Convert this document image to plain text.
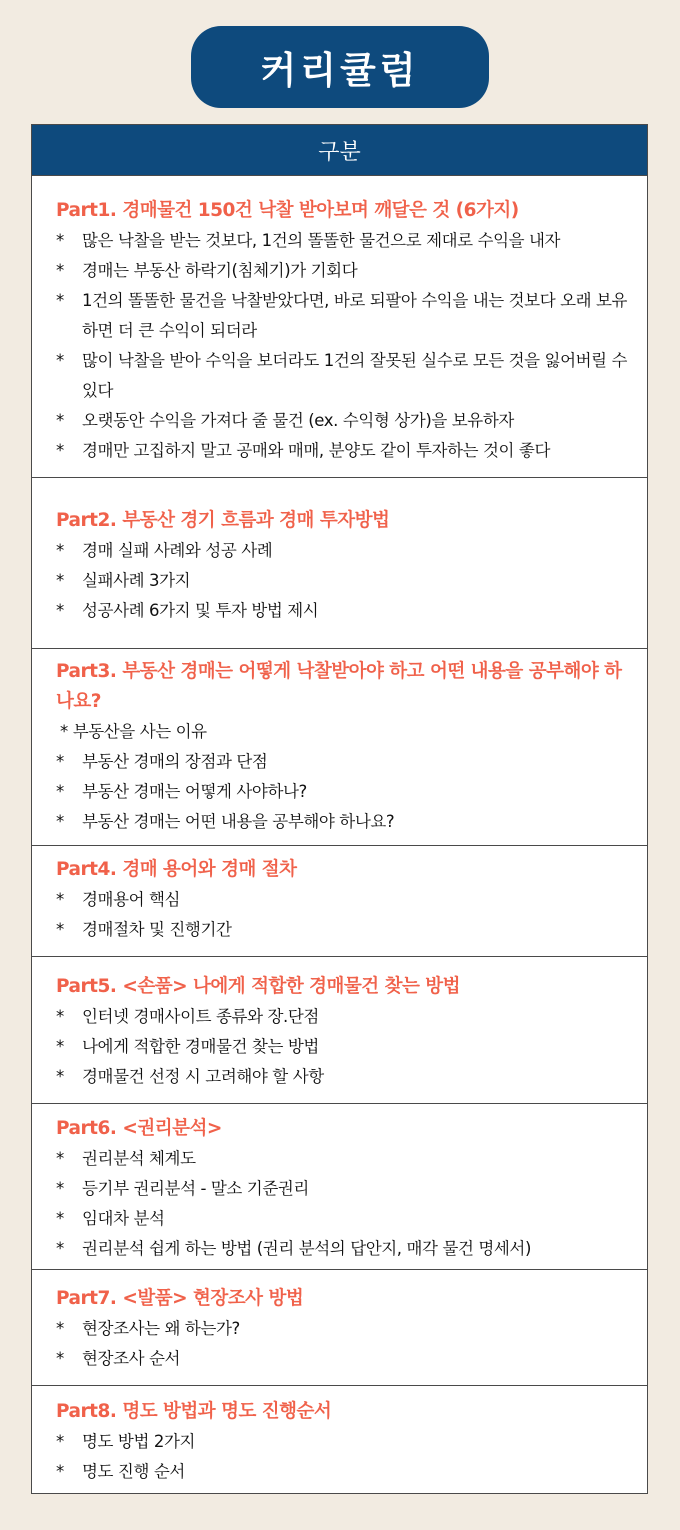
커리큘럼
구분
Part1. 경매물건 150건 낙찰 받아보며 깨달은 것 (6가지)
* 많은 낙찰을 받는 것보다, 1건의 똘똘한 물건으로 제대로 수익을 내자
* 경매는 부동산 하락기(침체기)가 기회다
* 1건의 똘똘한 물건을 낙찰받았다면, 바로 되팔아 수익을 내는 것보다 오래 보유하면 더 큰 수익이 되더라
* 많이 낙찰을 받아 수익을 보더라도 1건의 잘못된 실수로 모든 것을 잃어버릴 수 있다
* 오랫동안 수익을 가져다 줄 물건 (ex. 수익형 상가)을 보유하자
* 경매만 고집하지 말고 공매와 매매, 분양도 같이 투자하는 것이 좋다
Part2. 부동산 경기 흐름과 경매 투자방법
* 경매 실패 사례와 성공 사례
* 실패사례 3가지
* 성공사례 6가지 및 투자 방법 제시
Part3. 부동산 경매는 어떻게 낙찰받아야 하고 어떤 내용을 공부해야 하나요?
* 부동산을 사는 이유
* 부동산 경매의 장점과 단점
* 부동산 경매는 어떻게 사야하나?
* 부동산 경매는 어떤 내용을 공부해야 하나요?
Part4. 경매 용어와 경매 절차
* 경매용어 핵심
* 경매절차 및 진행기간
Part5. <손품> 나에게 적합한 경매물건 찾는 방법
* 인터넷 경매사이트 종류와 장.단점
* 나에게 적합한 경매물건 찾는 방법
* 경매물건 선정 시 고려해야 할 사항
Part6. <권리분석>
* 권리분석 체계도
* 등기부 권리분석 - 말소 기준권리
* 임대차 분석
* 권리분석 쉽게 하는 방법 (권리 분석의 답안지, 매각 물건 명세서)
Part7. <발품> 현장조사 방법
* 현장조사는 왜 하는가?
* 현장조사 순서
Part8. 명도 방법과 명도 진행순서
* 명도 방법 2가지
* 명도 진행 순서
